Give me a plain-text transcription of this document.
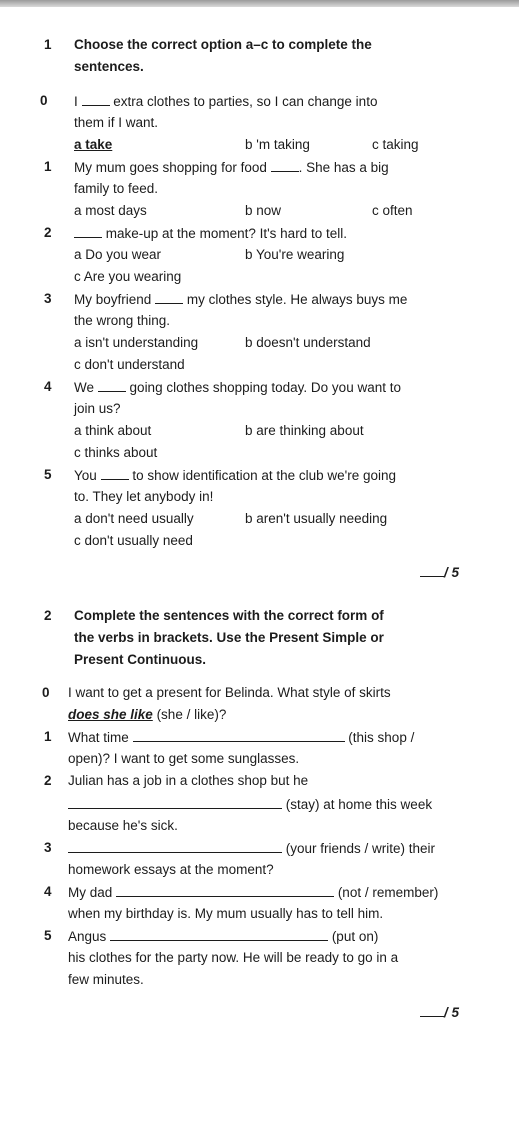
1 Choose the correct option a–c to complete the
sentences.
0 I	extra clothes to parties, so I can change into
them if I want.
a take	b 'm taking	c taking
1 My mum goes shopping for food . She has a big
family to feed.
a most days	b now	c often
2	make-up at the moment? It's hard to tell.
a Do you wear	b You're wearing
c Are you wearing
3 My boyfriend	my clothes style. He always buys me
the wrong thing.
a isn't understanding	b doesn't understand
c don't understand
4 We	going clothes shopping today. Do you want to
join us?
a think about	b are thinking about
c thinks about
5 You	to show identification at the club we're going
to. They let anybody in!
a don't need usually	b aren't usually needing
c don't usually need
/ 5
2 Complete the sentences with the correct form of
the verbs in brackets. Use the Present Simple or
Present Continuous.
0 I want to get a present for Belinda. What style of skirts
does she like (she / like)?
1 What time	(this shop /
open)? I want to get some sunglasses.
2 Julian has a job in a clothes shop but he
(stay) at home this week
because he's sick.
3	(your friends / write) their
homework essays at the moment?
4 My dad	(not / remember)
when my birthday is. My mum usually has to tell him.
5 Angus	(put on)
his clothes for the party now. He will be ready to go in a
few minutes.
/ 5
